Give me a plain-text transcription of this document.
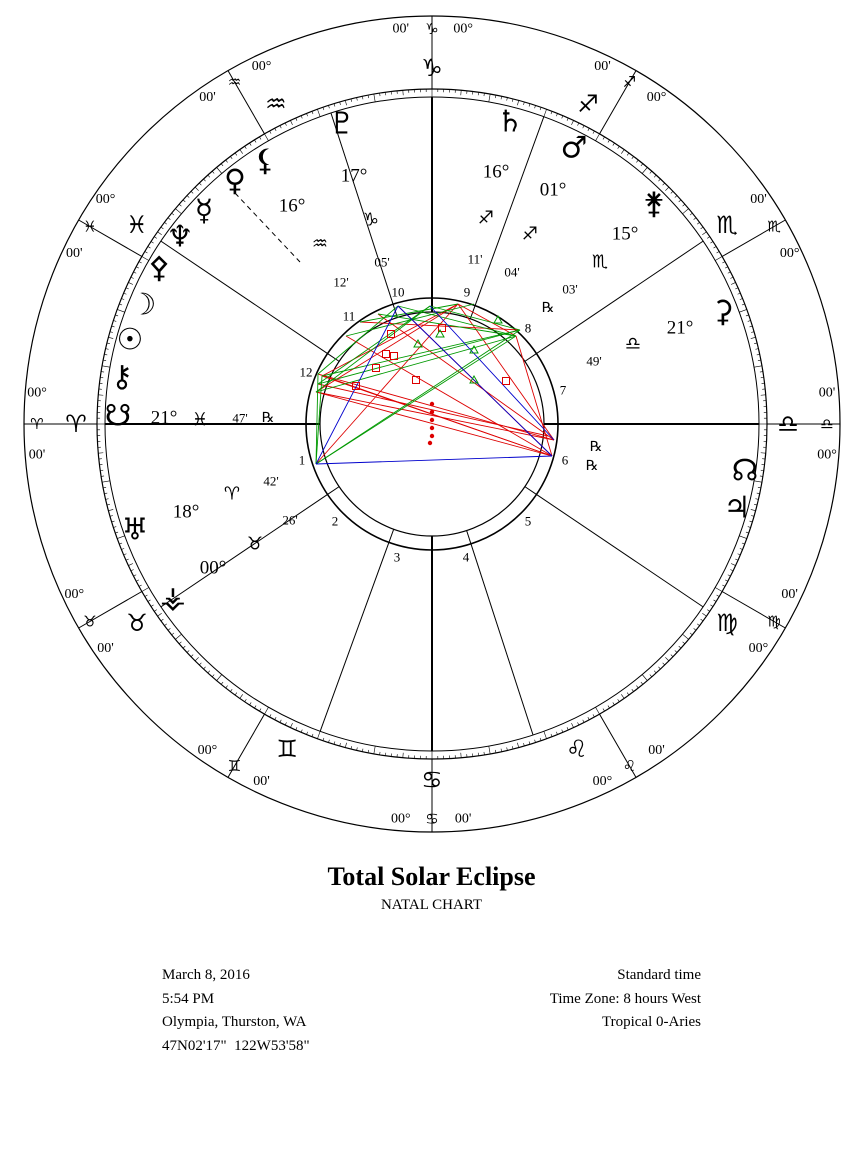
♑ 00°
00'
♐
00°
00'
♏
00°
00'
♎
00°
00'
♍
00°
00'
♌
00°
00'
♋
00°	00'
♊
00°
00'
♉
00°
00'
♈
00°
00'
♓
00°
00'
♒
00°
00'
♑
♐
♏
♎
♍
♌
♋
♊
♉
♈
♓
♒
1
2
3	4
5
6
7
8
9
10
11
12
21° ♓ 47'
00°
♉
26'
18°
♈
42'
21°
♎
49'
15°
♏
03'
01°
♐
04'
16°
♐
11'
17°
♑
05'
16°
♒
12'
♇	♄
♂
⚵
℞	⚳
☊
℞
♃
℞
♅
⚶
☋	℞
⚷
☉
☽
☿
⚴
♆
♀
⚸
Total Solar Eclipse
NATAL CHART
March 8, 2016
5:54 PM
Olympia, Thurston, WA
47N02'17"  122W53'58"
Standard time
Time Zone: 8 hours West
Tropical 0-Aries
